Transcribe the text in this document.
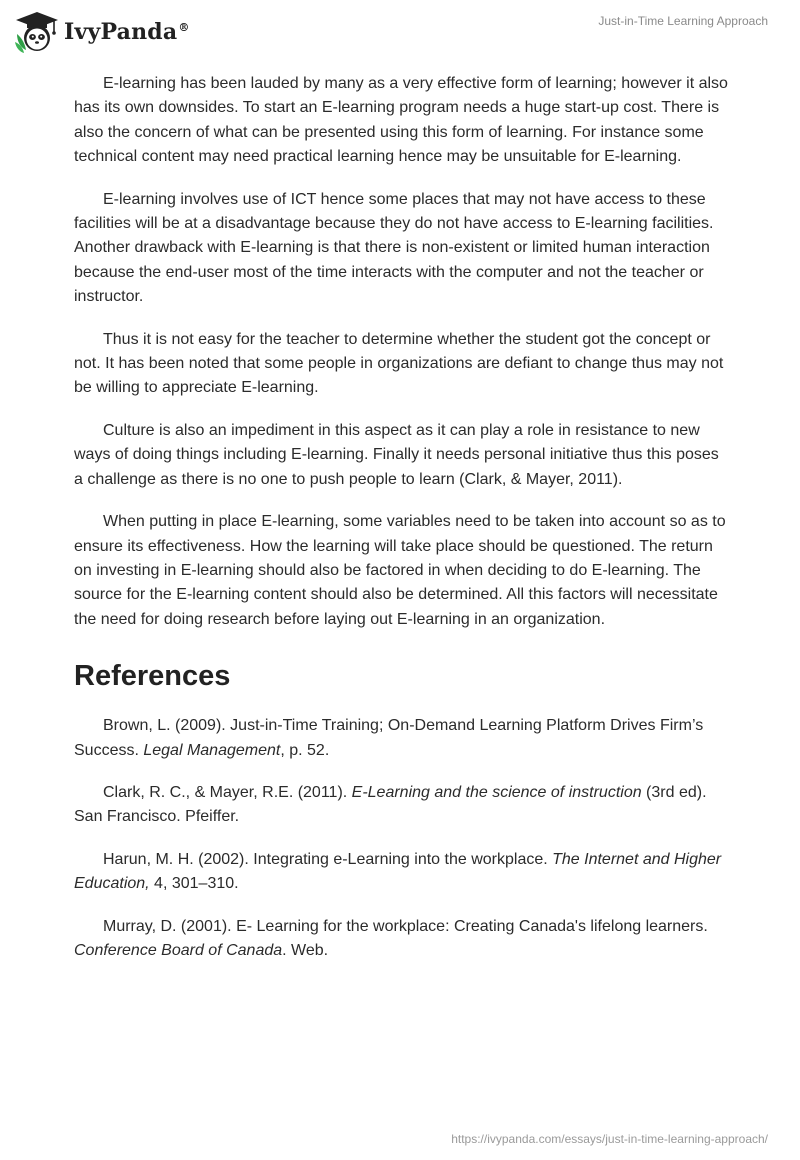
IvyPanda®	Just-in-Time Learning Approach

E-learning has been lauded by many as a very effective form of learning; however it also has its own downsides. To start an E-learning program needs a huge start-up cost. There is also the concern of what can be presented using this form of learning. For instance some technical content may need practical learning hence may be unsuitable for E-learning.

E-learning involves use of ICT hence some places that may not have access to these facilities will be at a disadvantage because they do not have access to E-learning facilities. Another drawback with E-learning is that there is non-existent or limited human interaction because the end-user most of the time interacts with the computer and not the teacher or instructor.

Thus it is not easy for the teacher to determine whether the student got the concept or not. It has been noted that some people in organizations are defiant to change thus may not be willing to appreciate E-learning.

Culture is also an impediment in this aspect as it can play a role in resistance to new ways of doing things including E-learning. Finally it needs personal initiative thus this poses a challenge as there is no one to push people to learn (Clark, & Mayer, 2011).

When putting in place E-learning, some variables need to be taken into account so as to ensure its effectiveness. How the learning will take place should be questioned. The return on investing in E-learning should also be factored in when deciding to do E-learning. The source for the E-learning content should also be determined. All this factors will necessitate the need for doing research before laying out E-learning in an organization.

References

Brown, L. (2009). Just-in-Time Training; On-Demand Learning Platform Drives Firm’s Success. Legal Management, p. 52.

Clark, R. C., & Mayer, R.E. (2011). E-Learning and the science of instruction (3rd ed). San Francisco. Pfeiffer.

Harun, M. H. (2002). Integrating e-Learning into the workplace. The Internet and Higher Education, 4, 301–310.

Murray, D. (2001). E- Learning for the workplace: Creating Canada's lifelong learners. Conference Board of Canada. Web.

https://ivypanda.com/essays/just-in-time-learning-approach/
